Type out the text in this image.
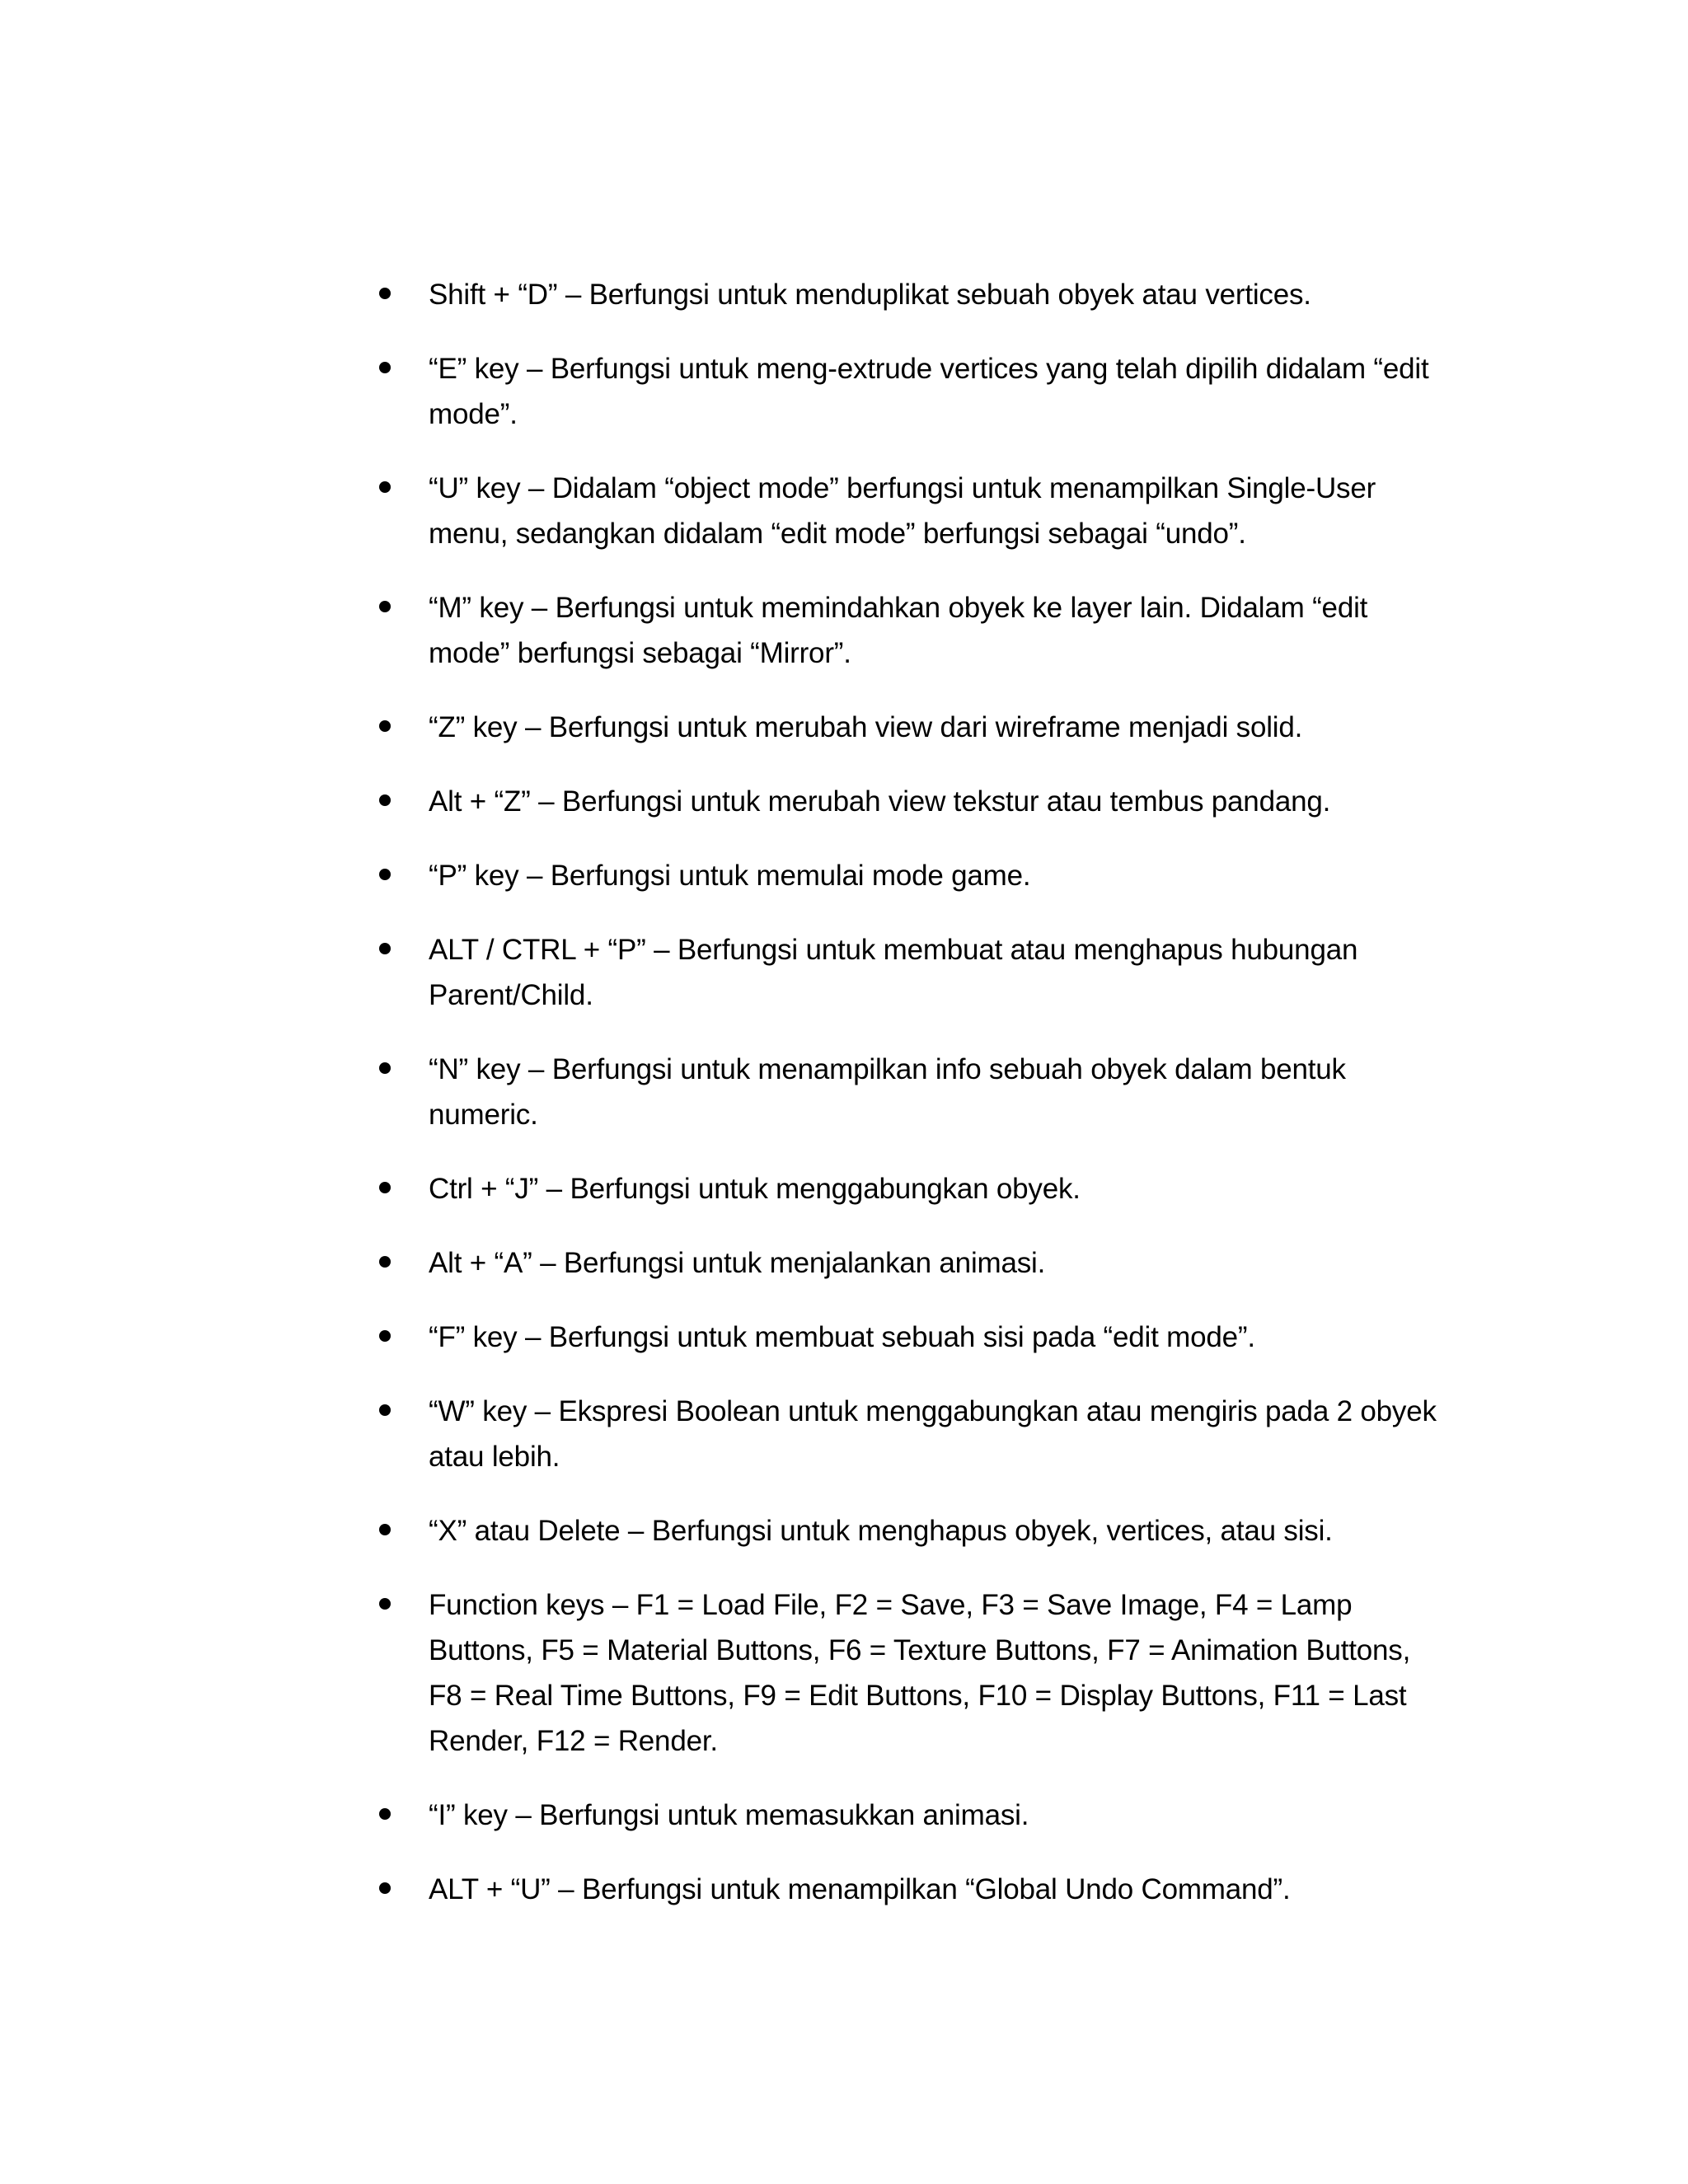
Shift + “D” – Berfungsi untuk menduplikat sebuah obyek atau vertices.
“E” key – Berfungsi untuk meng-extrude vertices yang telah dipilih didalam “edit mode”.
“U” key – Didalam “object mode” berfungsi untuk menampilkan Single-User menu, sedangkan didalam “edit mode” berfungsi sebagai “undo”.
“M” key – Berfungsi untuk memindahkan obyek ke layer lain. Didalam “edit mode” berfungsi sebagai “Mirror”.
“Z” key – Berfungsi untuk merubah view dari wireframe menjadi solid.
Alt + “Z” – Berfungsi untuk merubah view tekstur atau tembus pandang.
“P” key – Berfungsi untuk memulai mode game.
ALT / CTRL + “P” – Berfungsi untuk membuat atau menghapus hubungan Parent/Child.
“N” key – Berfungsi untuk menampilkan info sebuah obyek dalam bentuk numeric.
Ctrl + “J” – Berfungsi untuk menggabungkan obyek.
Alt + “A” – Berfungsi untuk menjalankan animasi.
“F” key – Berfungsi untuk membuat sebuah sisi pada “edit mode”.
“W” key – Ekspresi Boolean untuk menggabungkan atau mengiris pada 2 obyek atau lebih.
“X” atau Delete – Berfungsi untuk menghapus obyek, vertices, atau sisi.
Function keys – F1 = Load File, F2 = Save, F3 = Save Image, F4 = Lamp Buttons, F5 = Material Buttons, F6 = Texture Buttons, F7 = Animation Buttons, F8 = Real Time Buttons, F9 = Edit Buttons, F10 = Display Buttons, F11 = Last Render, F12 = Render.
“I” key – Berfungsi untuk memasukkan animasi.
ALT + “U” – Berfungsi untuk menampilkan “Global Undo Command”.
